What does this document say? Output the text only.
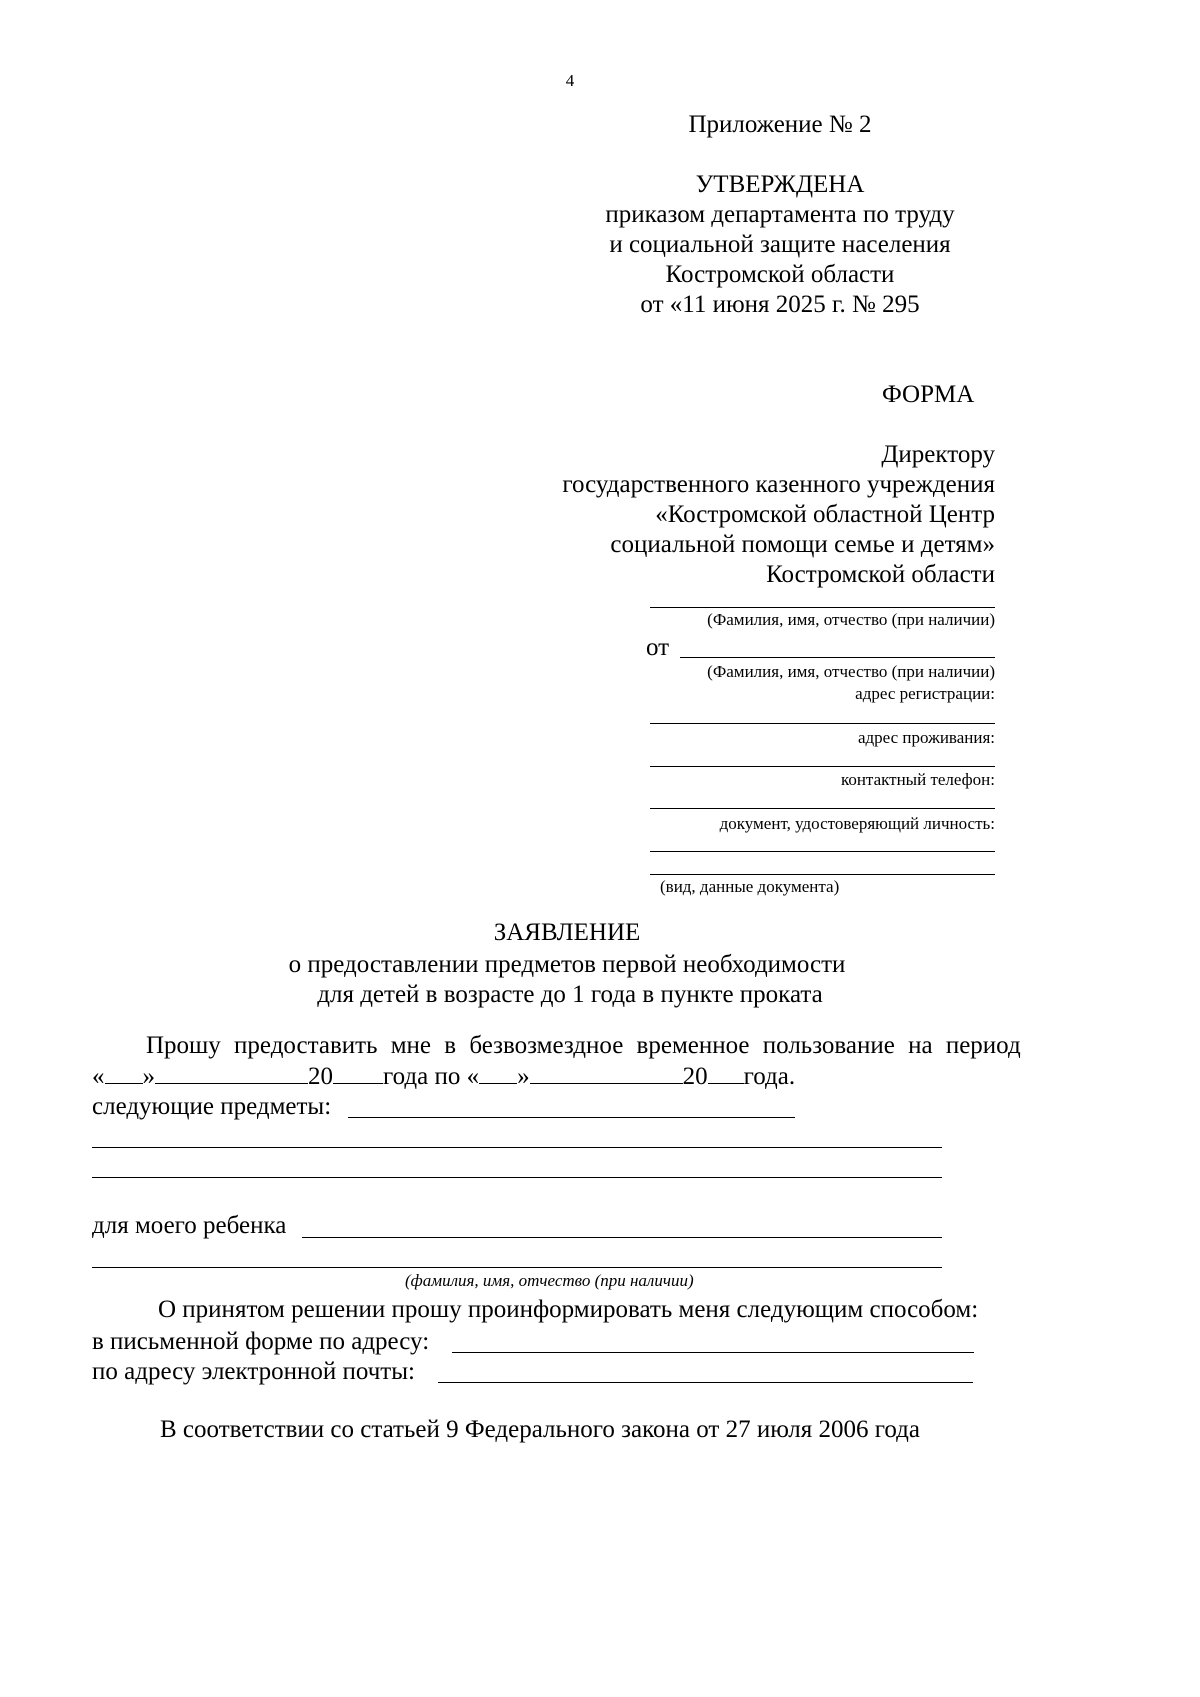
4
Приложение № 2
УТВЕРЖДЕНА
приказом департамента по труду
и социальной защите населения
Костромской области
от «11 июня 2025 г. № 295
ФОРМА
Директору
государственного казенного учреждения
«Костромской областной Центр
социальной помощи семье и детям»
Костромской области
(Фамилия, имя, отчество (при наличии)
от
(Фамилия, имя, отчество (при наличии)
адрес регистрации:
адрес проживания:
контактный телефон:
документ, удостоверяющий личность:
(вид, данные документа)
ЗАЯВЛЕНИЕ
о предоставлении предметов первой необходимости
для детей в возрасте до 1 года в пункте проката
Прошу предоставить мне в безвозмездное временное пользование на период
« »	20 года по « »	20 года.
следующие предметы:
для моего ребенка
(фамилия, имя, отчество (при наличии)
О принятом решении прошу проинформировать меня следующим способом:
в письменной форме по адресу:
по адресу электронной почты:
В соответствии со статьей 9 Федерального закона от 27 июля 2006 года
